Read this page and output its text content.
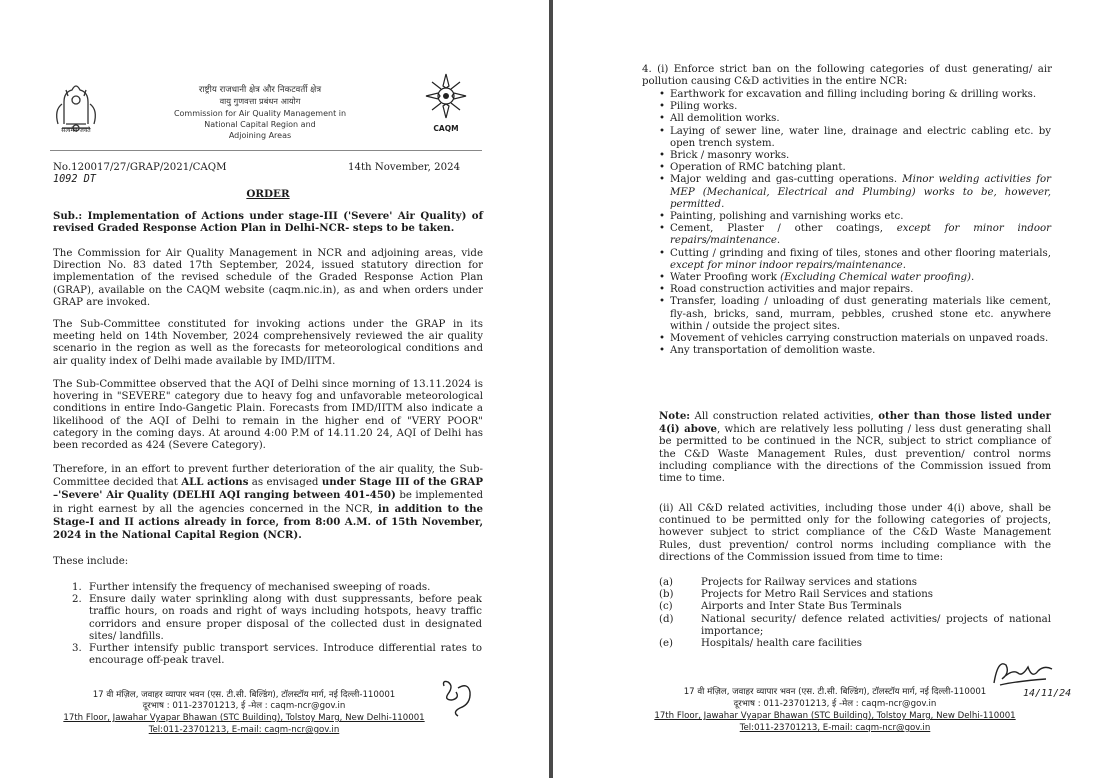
सत्यमेव जयते
राष्ट्रीय राजधानी क्षेत्र और निकटवर्ती क्षेत्र
वायु गुणवत्ता प्रबंधन आयोग
Commission for Air Quality Management in
National Capital Region and
Adjoining Areas
CAQM
No.120017/27/GRAP/2021/CAQM 1092 DT
14th November, 2024
ORDER
Sub.: Implementation of Actions under stage-III ('Severe' Air Quality) of revised Graded Response Action Plan in Delhi-NCR- steps to be taken.
The Commission for Air Quality Management in NCR and adjoining areas, vide Direction No. 83 dated 17th September, 2024, issued statutory direction for implementation of the revised schedule of the Graded Response Action Plan (GRAP), available on the CAQM website (caqm.nic.in), as and when orders under GRAP are invoked.
The Sub-Committee constituted for invoking actions under the GRAP in its meeting held on 14th November, 2024 comprehensively reviewed the air quality scenario in the region as well as the forecasts for meteorological conditions and air quality index of Delhi made available by IMD/IITM.
The Sub-Committee observed that the AQI of Delhi since morning of 13.11.2024 is hovering in "SEVERE" category due to heavy fog and unfavorable meteorological conditions in entire Indo-Gangetic Plain. Forecasts from IMD/IITM also indicate a likelihood of the AQI of Delhi to remain in the higher end of "VERY POOR" category in the coming days. At around 4:00 P.M of 14.11.20 24, AQI of Delhi has been recorded as 424 (Severe Category).
Therefore, in an effort to prevent further deterioration of the air quality, the Sub-Committee decided that ALL actions as envisaged under Stage III of the GRAP –'Severe' Air Quality (DELHI AQI ranging between 401-450) be implemented in right earnest by all the agencies concerned in the NCR, in addition to the Stage-I and II actions already in force, from 8:00 A.M. of 15th November, 2024 in the National Capital Region (NCR).
These include:
1. Further intensify the frequency of mechanised sweeping of roads.
2. Ensure daily water sprinkling along with dust suppressants, before peak traffic hours, on roads and right of ways including hotspots, heavy traffic corridors and ensure proper disposal of the collected dust in designated sites/ landfills.
3. Further intensify public transport services. Introduce differential rates to encourage off-peak travel.
17 वी मंज़िल, जवाहर व्यापार भवन (एस. टी.सी. बिल्डिंग), टॉलस्टॉय मार्ग, नई दिल्ली-110001
दूरभाष : 011-23701213, ई -मेल : caqm-ncr@gov.in
17th Floor, Jawahar Vyapar Bhawan (STC Building), Tolstoy Marg, New Delhi-110001
Tel:011-23701213, E-mail: caqm-ncr@gov.in
4. (i) Enforce strict ban on the following categories of dust generating/ air pollution causing C&D activities in the entire NCR:
• Earthwork for excavation and filling including boring & drilling works.
• Piling works.
• All demolition works.
• Laying of sewer line, water line, drainage and electric cabling etc. by open trench system.
• Brick / masonry works.
• Operation of RMC batching plant.
• Major welding and gas-cutting operations. Minor welding activities for MEP (Mechanical, Electrical and Plumbing) works to be, however, permitted.
• Painting, polishing and varnishing works etc.
• Cement, Plaster / other coatings, except for minor indoor repairs/maintenance.
• Cutting / grinding and fixing of tiles, stones and other flooring materials, except for minor indoor repairs/maintenance.
• Water Proofing work (Excluding Chemical water proofing).
• Road construction activities and major repairs.
• Transfer, loading / unloading of dust generating materials like cement, fly-ash, bricks, sand, murram, pebbles, crushed stone etc. anywhere within / outside the project sites.
• Movement of vehicles carrying construction materials on unpaved roads.
• Any transportation of demolition waste.
Note: All construction related activities, other than those listed under 4(i) above, which are relatively less polluting / less dust generating shall be permitted to be continued in the NCR, subject to strict compliance of the C&D Waste Management Rules, dust prevention/ control norms including compliance with the directions of the Commission issued from time to time.
(ii) All C&D related activities, including those under 4(i) above, shall be continued to be permitted only for the following categories of projects, however subject to strict compliance of the C&D Waste Management Rules, dust prevention/ control norms including compliance with the directions of the Commission issued from time to time:
(a)	Projects for Railway services and stations
(b)	Projects for Metro Rail Services and stations
(c)	Airports and Inter State Bus Terminals
(d)	National security/ defence related activities/ projects of national importance;
(e)	Hospitals/ health care facilities
14/11/24
17 वी मंज़िल, जवाहर व्यापार भवन (एस. टी.सी. बिल्डिंग), टॉलस्टॉय मार्ग, नई दिल्ली-110001
दूरभाष : 011-23701213, ई -मेल : caqm-ncr@gov.in
17th Floor, Jawahar Vyapar Bhawan (STC Building), Tolstoy Marg, New Delhi-110001
Tel:011-23701213, E-mail: caqm-ncr@gov.in
